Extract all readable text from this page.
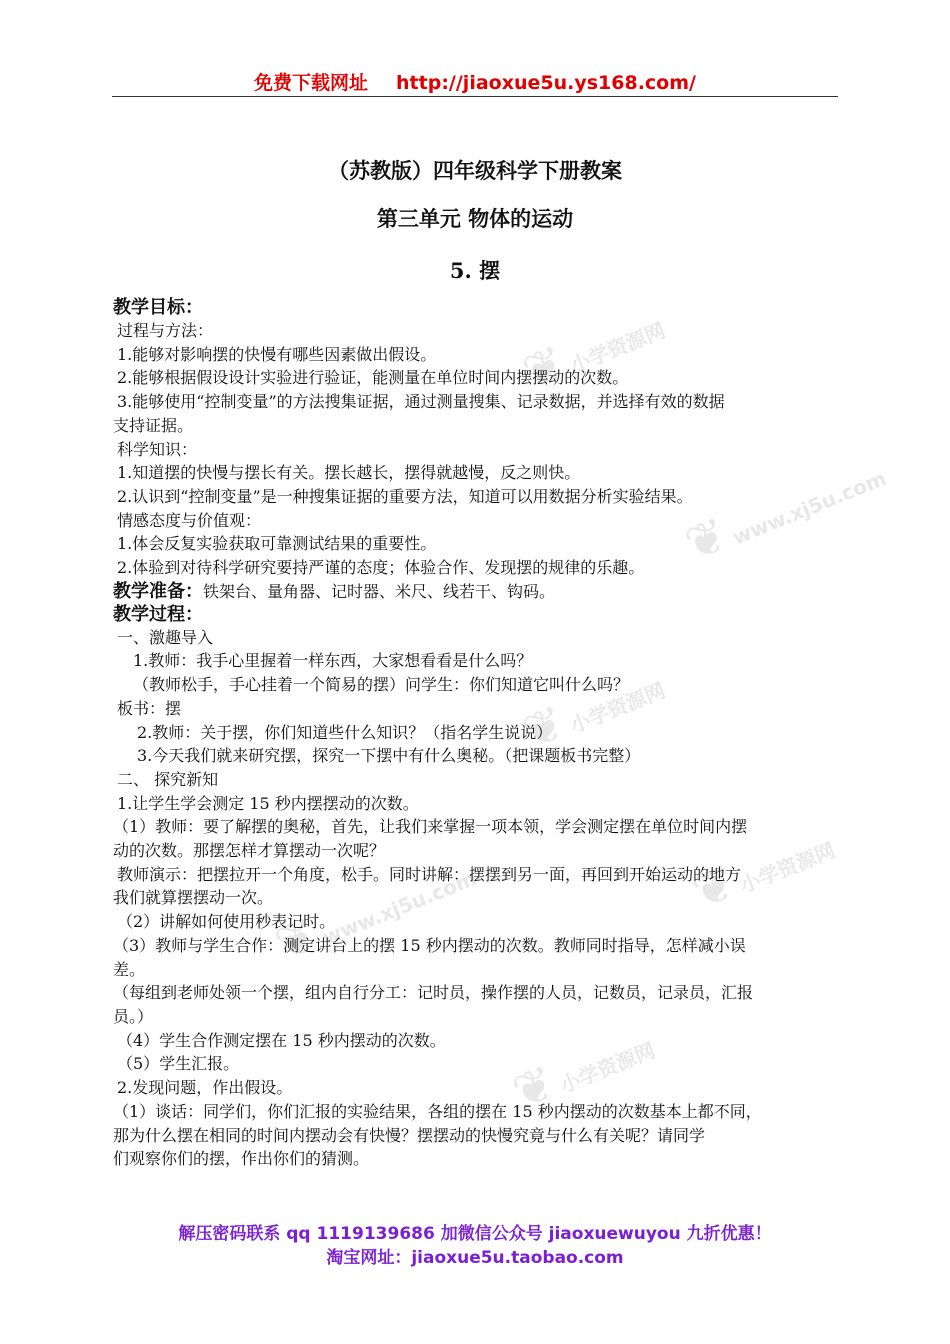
❦ 小学资源网
❦ www.xj5u.com
❦ 小学资源网
❦ 小学资源网
❦ www.xj5u.com
❦ 小学资源网
免费下载网址 http://jiaoxue5u.ys168.com/
（苏教版）四年级科学下册教案
第三单元 物体的运动
5. 摆

教学目标：

过程与方法：

1.能够对影响摆的快慢有哪些因素做出假设。

2.能够根据假设设计实验进行验证，能测量在单位时间内摆摆动的次数。

3.能够使用“控制变量”的方法搜集证据，通过测量搜集、记录数据，并选择有效的数据

支持证据。

科学知识：

1.知道摆的快慢与摆长有关。摆长越长，摆得就越慢，反之则快。

2.认识到“控制变量”是一种搜集证据的重要方法，知道可以用数据分析实验结果。

情感态度与价值观：

1.体会反复实验获取可靠测试结果的重要性。

2.体验到对待科学研究要持严谨的态度；体验合作、发现摆的规律的乐趣。

教学准备：铁架台、量角器、记时器、米尺、线若干、钩码。

教学过程：

一、激趣导入

1.教师：我手心里握着一样东西，大家想看看是什么吗？

（教师松手，手心挂着一个简易的摆）问学生：你们知道它叫什么吗？

板书：摆

2.教师：关于摆，你们知道些什么知识？（指名学生说说）

3.今天我们就来研究摆，探究一下摆中有什么奥秘。（把课题板书完整）

二、 探究新知

1.让学生学会测定 15 秒内摆摆动的次数。

（1）教师：要了解摆的奥秘，首先，让我们来掌握一项本领，学会测定摆在单位时间内摆

动的次数。那摆怎样才算摆动一次呢？

教师演示：把摆拉开一个角度，松手。同时讲解：摆摆到另一面，再回到开始运动的地方

我们就算摆摆动一次。

（2）讲解如何使用秒表记时。

（3）教师与学生合作：测定讲台上的摆 15 秒内摆动的次数。教师同时指导，怎样减小误

差。

（每组到老师处领一个摆，组内自行分工：记时员，操作摆的人员，记数员，记录员，汇报

员。）

（4）学生合作测定摆在 15 秒内摆动的次数。

（5）学生汇报。

2.发现问题，作出假设。

（1）谈话：同学们，你们汇报的实验结果，各组的摆在 15 秒内摆动的次数基本上都不同，

那为什么摆在相同的时间内摆动会有快慢？摆摆动的快慢究竟与什么有关呢？请同学

们观察你们的摆，作出你们的猜测。

解压密码联系 qq 1119139686 加微信公众号 jiaoxuewuyou 九折优惠！
淘宝网址：jiaoxue5u.taobao.com
